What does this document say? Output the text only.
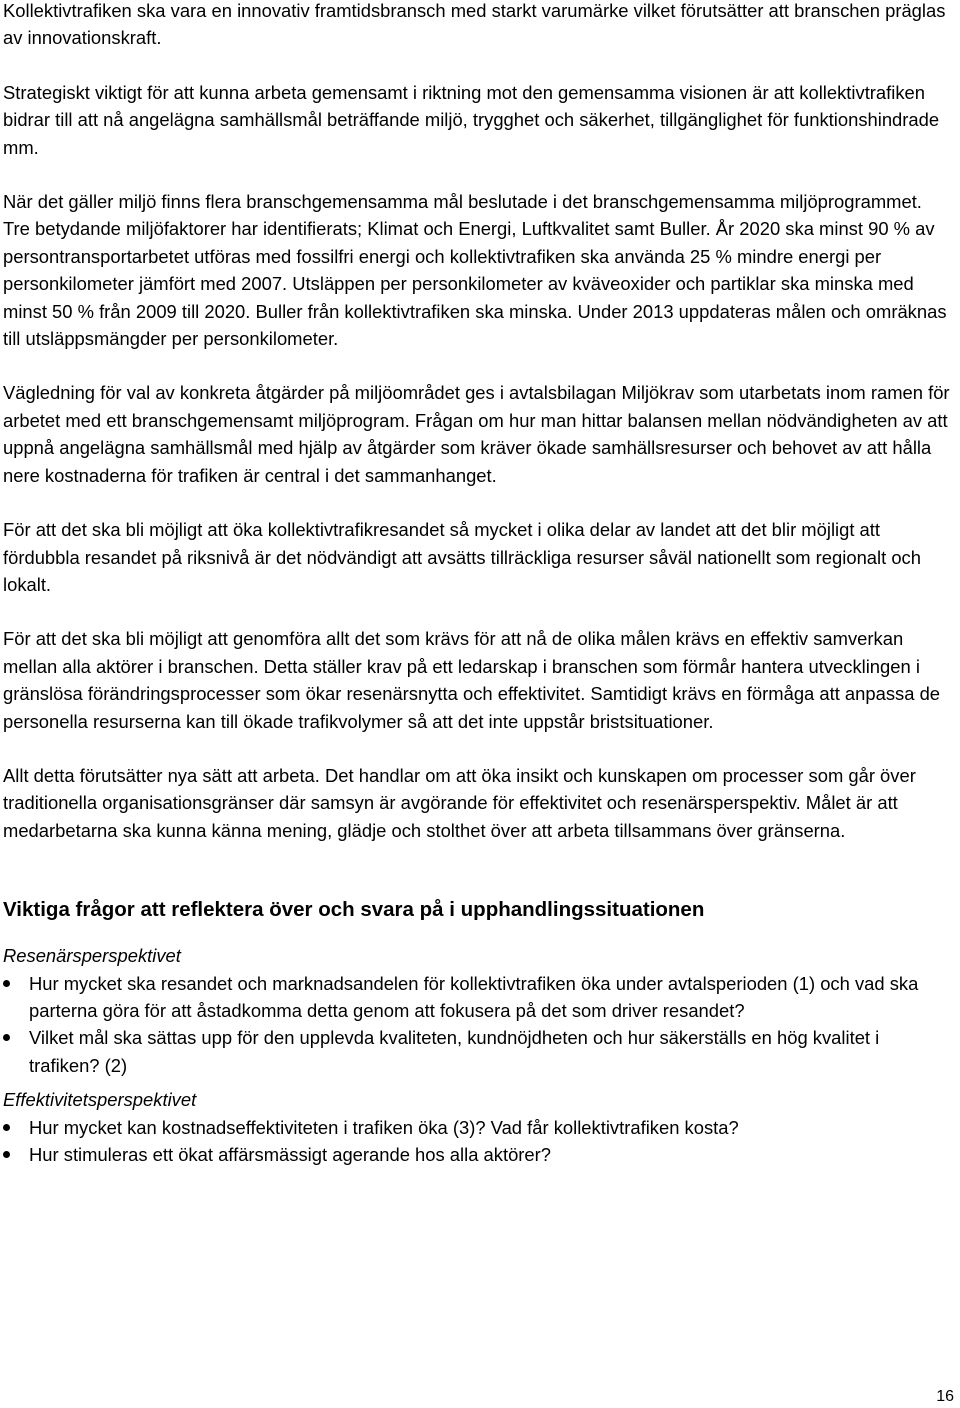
Kollektivtrafiken ska vara en innovativ framtidsbransch med starkt varumärke vilket förutsätter att branschen präglas av innovationskraft.

Strategiskt viktigt för att kunna arbeta gemensamt i riktning mot den gemensamma visionen är att kollektivtrafiken bidrar till att nå angelägna samhällsmål beträffande miljö, trygghet och säkerhet, tillgänglighet för funktionshindrade mm.

När det gäller miljö finns flera branschgemensamma mål beslutade i det branschgemensamma miljöprogrammet. Tre betydande miljöfaktorer har identifierats; Klimat och Energi, Luftkvalitet samt Buller. År 2020 ska minst 90 % av persontransportarbetet utföras med fossilfri energi och kollektivtrafiken ska använda 25 % mindre energi per personkilometer jämfört med 2007. Utsläppen per personkilometer av kväveoxider och partiklar ska minska med minst 50 % från 2009 till 2020. Buller från kollektivtrafiken ska minska. Under 2013 uppdateras målen och omräknas till utsläppsmängder per personkilometer.

Vägledning för val av konkreta åtgärder på miljöområdet ges i avtalsbilagan Miljökrav som utarbetats inom ramen för arbetet med ett branschgemensamt miljöprogram. Frågan om hur man hittar balansen mellan nödvändigheten av att uppnå angelägna samhällsmål med hjälp av åtgärder som kräver ökade samhällsresurser och behovet av att hålla nere kostnaderna för trafiken är central i det sammanhanget.

För att det ska bli möjligt att öka kollektivtrafikresandet så mycket i olika delar av landet att det blir möjligt att fördubbla resandet på riksnivå är det nödvändigt att avsätts tillräckliga resurser såväl nationellt som regionalt och lokalt.

För att det ska bli möjligt att genomföra allt det som krävs för att nå de olika målen krävs en effektiv samverkan mellan alla aktörer i branschen. Detta ställer krav på ett ledarskap i branschen som förmår hantera utvecklingen i gränslösa förändringsprocesser som ökar resenärsnytta och effektivitet. Samtidigt krävs en förmåga att anpassa de personella resurserna kan till ökade trafikvolymer så att det inte uppstår bristsituationer.

Allt detta förutsätter nya sätt att arbeta. Det handlar om att öka insikt och kunskapen om processer som går över traditionella organisationsgränser där samsyn är avgörande för effektivitet och resenärsperspektiv. Målet är att medarbetarna ska kunna känna mening, glädje och stolthet över att arbeta tillsammans över gränserna.

Viktiga frågor att reflektera över och svara på i upphandlingssituationen
Resenärsperspektivet
Hur mycket ska resandet och marknadsandelen för kollektivtrafiken öka under avtalsperioden (1) och vad ska parterna göra för att åstadkomma detta genom att fokusera på det som driver resandet?
Vilket mål ska sättas upp för den upplevda kvaliteten, kundnöjdheten och hur säkerställs en hög kvalitet i trafiken? (2)
Effektivitetsperspektivet
Hur mycket kan kostnadseffektiviteten i trafiken öka (3)? Vad får kollektivtrafiken kosta?
Hur stimuleras ett ökat affärsmässigt agerande hos alla aktörer?
16
